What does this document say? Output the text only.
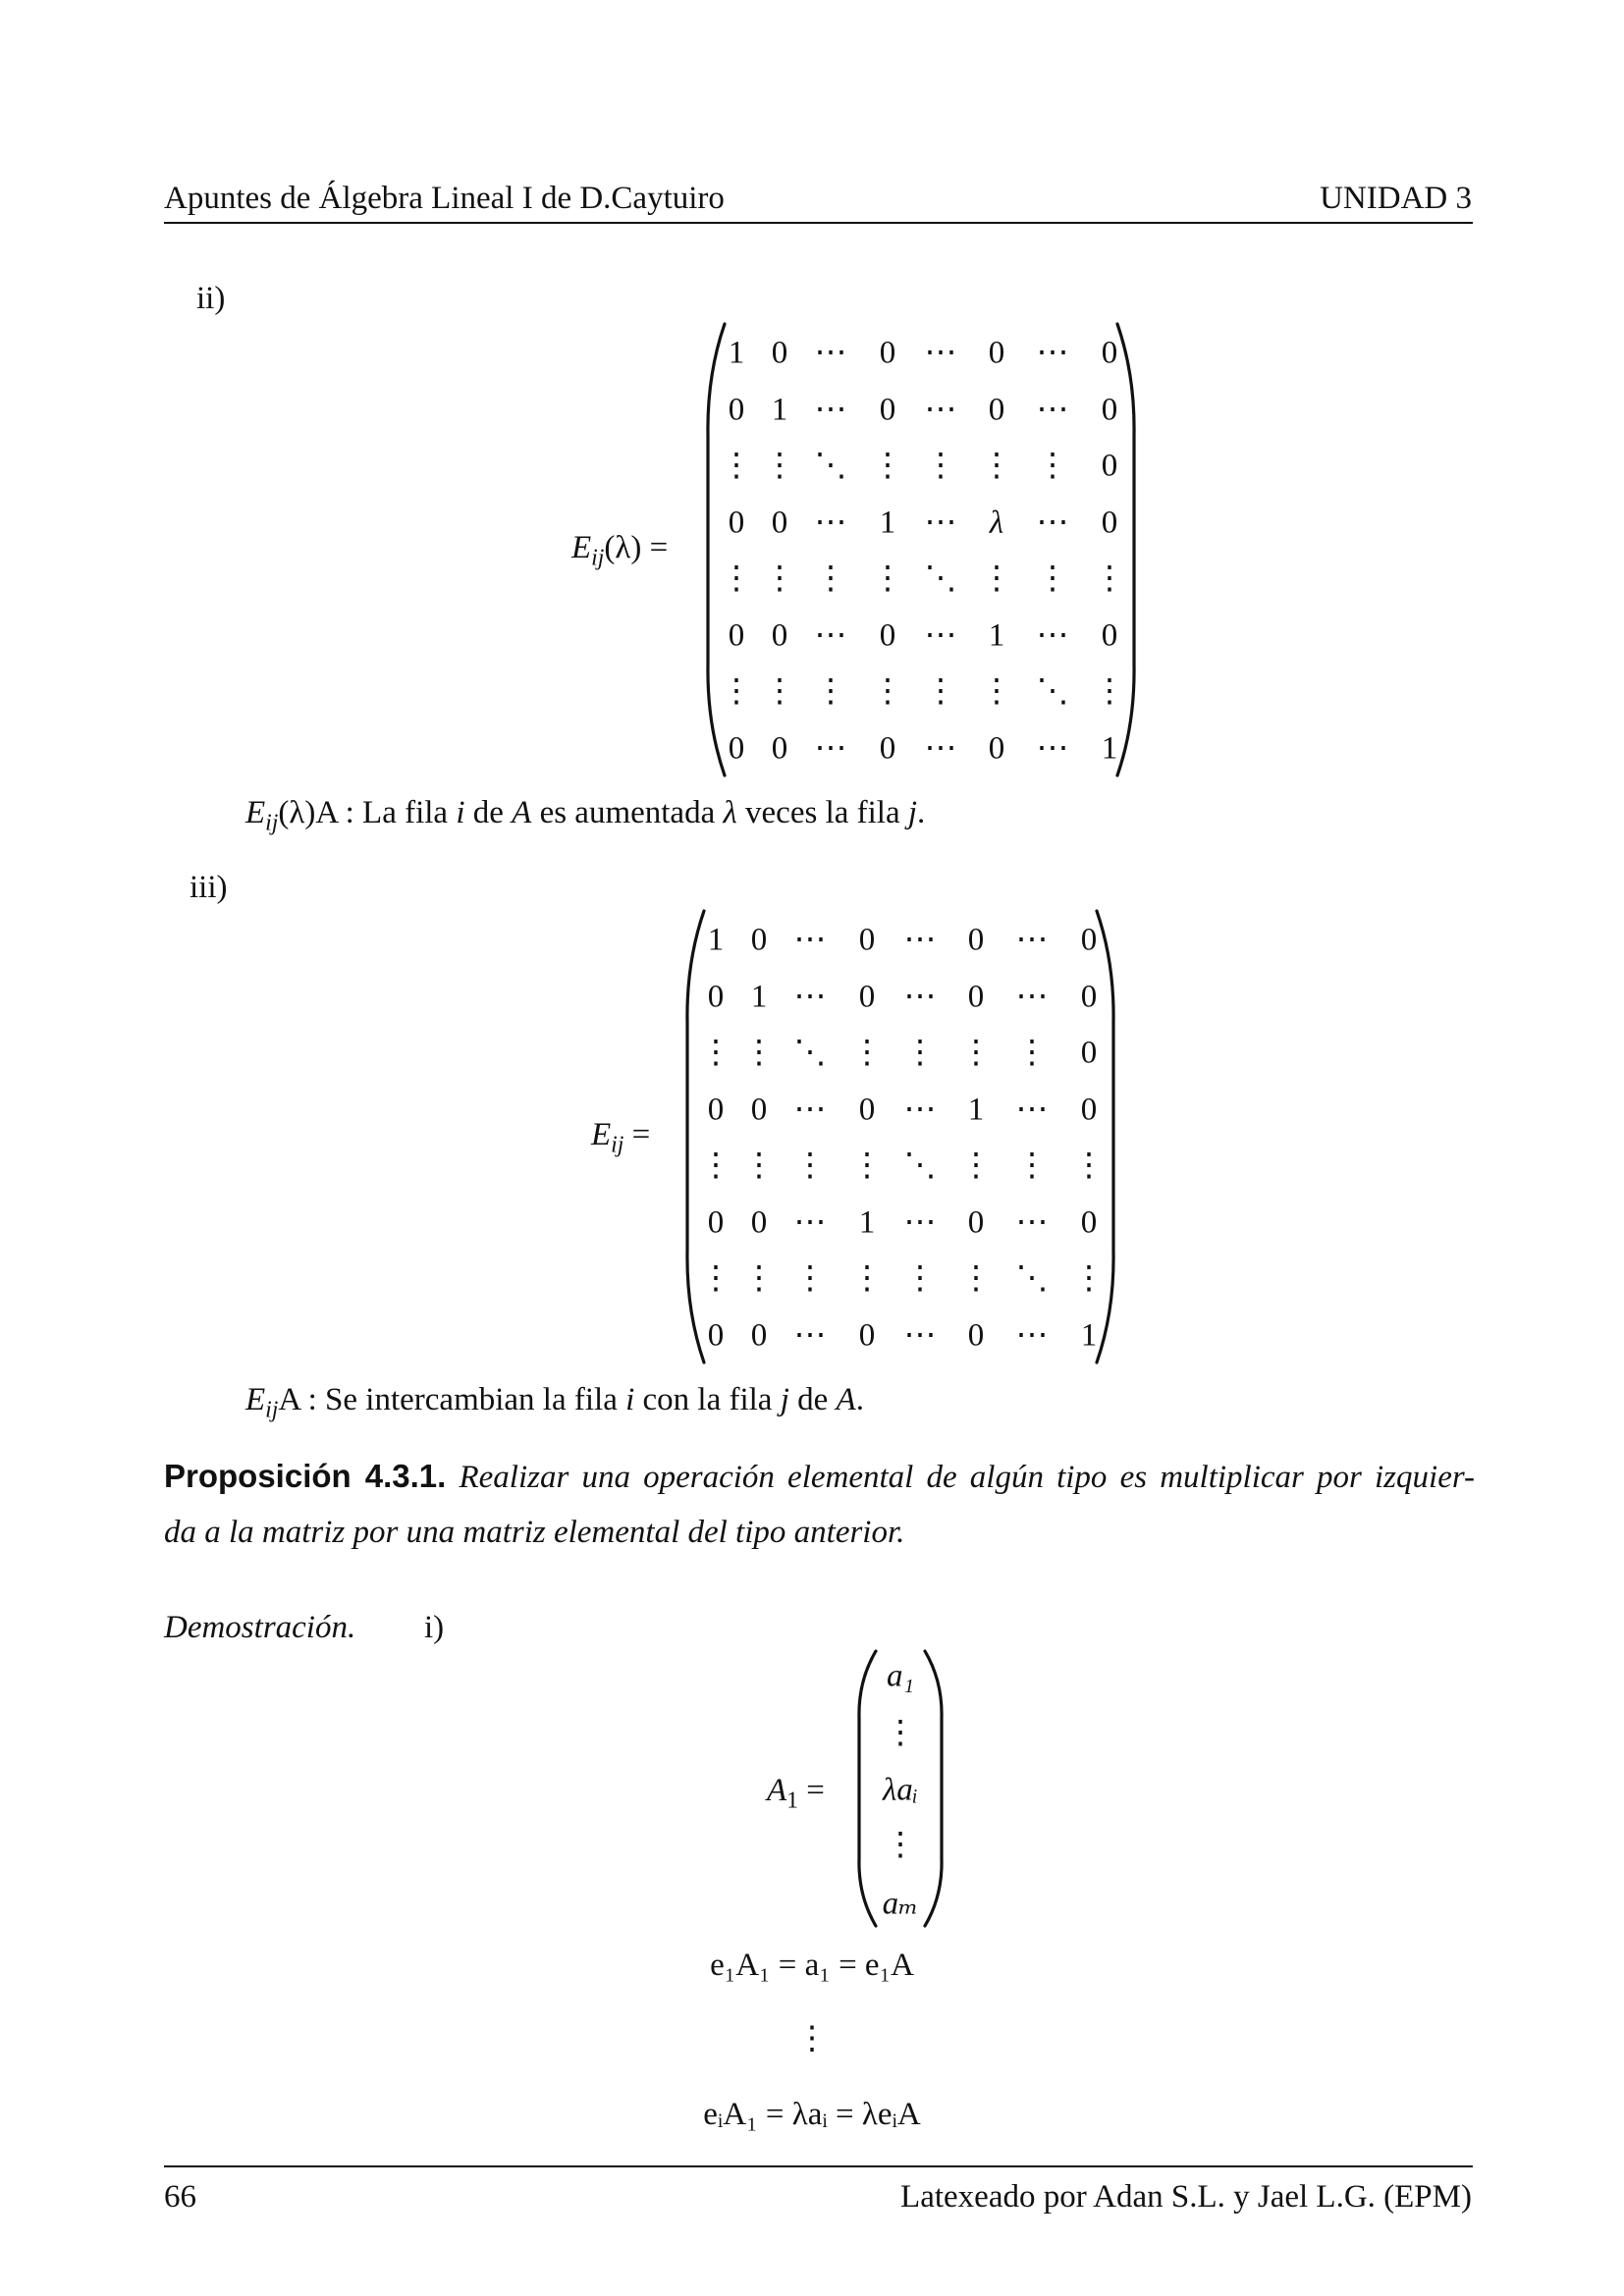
Apuntes de Álgebra Lineal I de D.Caytuiro	UNIDAD 3
ii)
$E_{ij}(\lambda)$ =
1 0 ⋯ 0 ⋯ 0 ⋯ 0
0 1 ⋯ 0 ⋯ 0 ⋯ 0
⋮ ⋮ ⋱ ⋮ ⋮ ⋮ ⋮ 0
0 0 ⋯ 1 ⋯ λ ⋯ 0
⋮ ⋮ ⋮ ⋮ ⋱ ⋮ ⋮ ⋮
0 0 ⋯ 0 ⋯ 1 ⋯ 0
⋮ ⋮ ⋮ ⋮ ⋮ ⋮ ⋱ ⋮
0 0 ⋯ 0 ⋯ 0 ⋯ 1
$E_{ij}(\lambda)A$ : La fila i de A es aumentada λ veces la fila j.
iii)
$E_{ij}$ =
1 0 ⋯ 0 ⋯ 0 ⋯ 0
0 1 ⋯ 0 ⋯ 0 ⋯ 0
⋮ ⋮ ⋱ ⋮ ⋮ ⋮ ⋮ 0
0 0 ⋯ 0 ⋯ 1 ⋯ 0
⋮ ⋮ ⋮ ⋮ ⋱ ⋮ ⋮ ⋮
0 0 ⋯ 1 ⋯ 0 ⋯ 0
⋮ ⋮ ⋮ ⋮ ⋮ ⋮ ⋱ ⋮
0 0 ⋯ 0 ⋯ 0 ⋯ 1
$E_{ij}A$ : Se intercambian la fila i con la fila j de A.
Proposición 4.3.1. Realizar una operación elemental de algún tipo es multiplicar por izquier-
da a la matriz por una matriz elemental del tipo anterior.
Demostración. i)
$A_1$ =
a₁
⋮
λaᵢ
⋮
aₘ
e₁A₁ = a₁ = e₁A
⋮
eᵢA₁ = λaᵢ = λeᵢA
66	Latexeado por Adan S.L. y Jael L.G. (EPM)
